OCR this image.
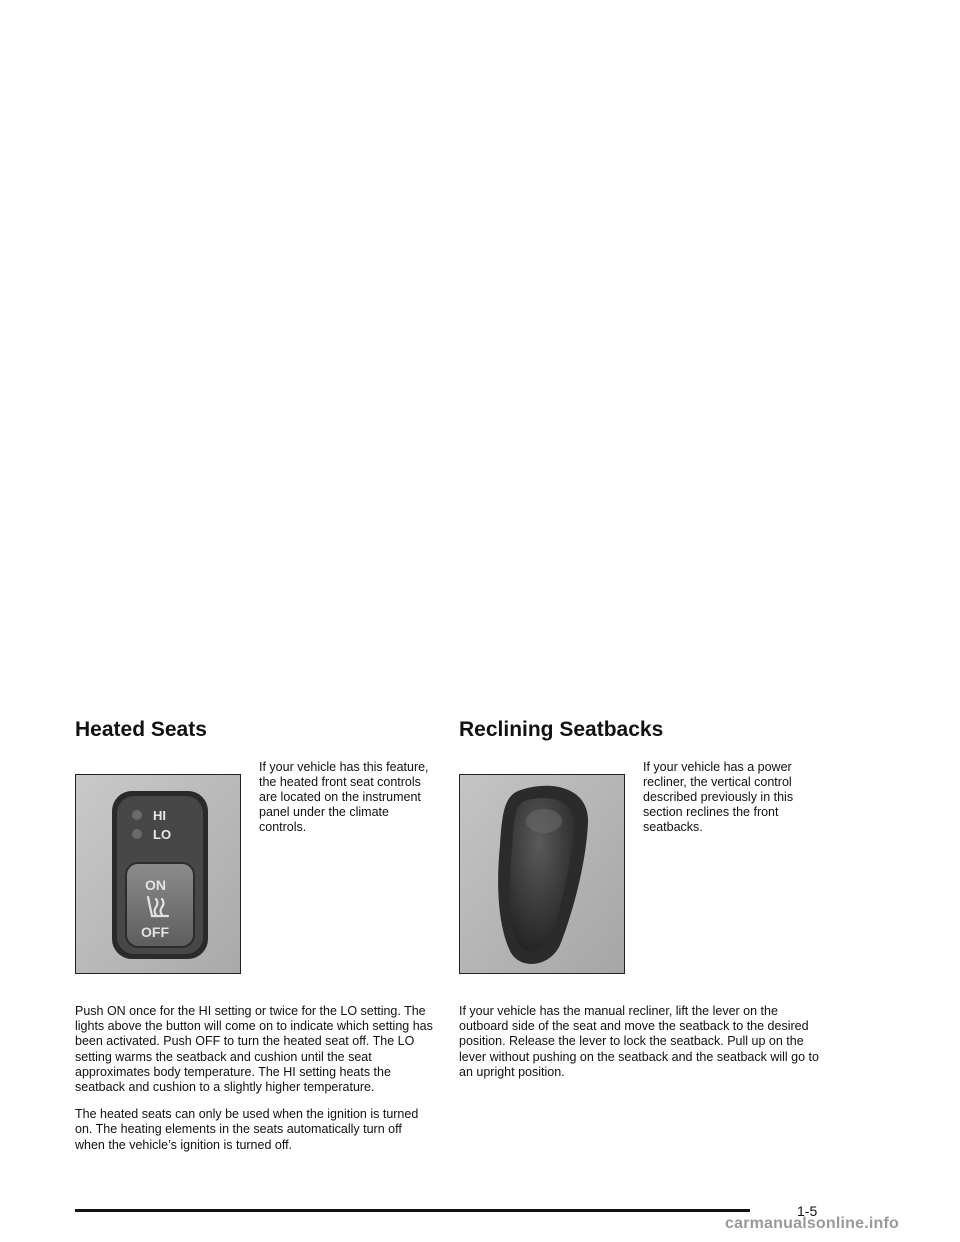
Heated Seats
HI
LO
ON
OFF

If your vehicle has this feature, the heated front seat controls are located on the instrument panel under the climate controls.

Push ON once for the HI setting or twice for the LO setting. The lights above the button will come on to indicate which setting has been activated. Push OFF to turn the heated seat off. The LO setting warms the seatback and cushion until the seat approximates body temperature. The HI setting heats the seatback and cushion to a slightly higher temperature.

The heated seats can only be used when the ignition is turned on. The heating elements in the seats automatically turn off when the vehicle’s ignition is turned off.

Reclining Seatbacks

If your vehicle has a power recliner, the vertical control described previously in this section reclines the front seatbacks.

If your vehicle has the manual recliner, lift the lever on the outboard side of the seat and move the seatback to the desired position. Release the lever to lock the seatback. Pull up on the lever without pushing on the seatback and the seatback will go to an upright position.

1-5
carmanualsonline.info
